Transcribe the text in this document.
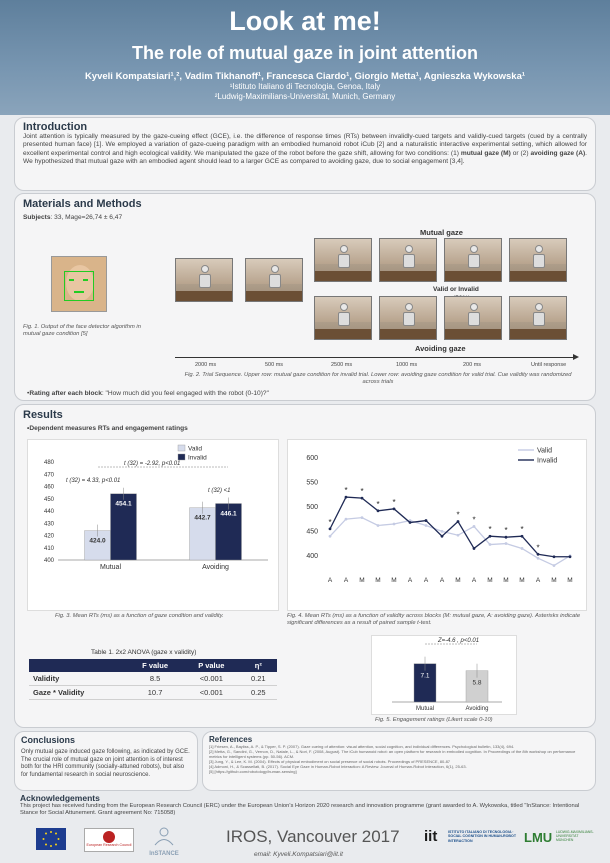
Look at me!
The role of mutual gaze in joint attention
Kyveli Kompatsiari¹,², Vadim Tikhanoff¹, Francesca Ciardo¹, Giorgio Metta¹, Agnieszka Wykowska¹
¹Istituto Italiano di Tecnologia, Genoa, Italy
²Ludwig-Maximilians-Universität, Munich, Germany
Introduction
Joint attention is typically measured by the gaze-cueing effect (GCE), i.e. the difference of response times (RTs) between invalidly-cued targets and validly-cued targets (cued by a centrally presented human face) [1]. We employed a variation of gaze-cueing paradigm with an embodied humanoid robot iCub [2] and a naturalistic interactive experimental setting, which allowed for excellent experimental control and high ecological validity. We manipulated the gaze of the robot before the gaze shift, allowing for two conditions: (1) mutual gaze (M) or (2) avoiding gaze (A). We hypothesized that mutual gaze with an embodied agent should lead to a larger GCE as compared to avoiding gaze, due to social engagement [3,4].
Materials and Methods
Subjects: 33, Mage=26,74 ± 6,47
Fig. 1. Output of the face detector algorithm in mutual gaze condition [5]
Mutual gaze
Valid or Invalid
Avoiding gaze
2000 ms	500 ms	2500 ms	1000 ms	200 ms	Until response
Fig. 2. Trial Sequence. Upper row: mutual gaze condition for invalid trial. Lower row: avoiding gaze condition for valid trial. Cue validity was randomized across trials
•Rating after each block: "How much did you feel engaged with the robot (0-10)?"
Results
•Dependent measures RTs and engagement ratings
400
410
420
430
440
450
460
470
480
424.0
454.1
Mutual
442.7
446.1
Avoiding
Valid
Invalid
t (32) = -2.92, p<0.01
t (32) = 4.33, p<0.01
t (32) <1
Fig. 3. Mean RTs (ms) as a function of gaze condition and validity.
400
450
500
550
600
*
* *
* *
*
*
* * *
*
A A M M M A A A M A M M M A M M
Valid
Invalid
Fig. 4. Mean RTs (ms) as a function of validity across blocks (M: mutual gaze, A: avoiding gaze). Asterisks indicate significant differences as a result of paired sample t-test.
Table 1. 2x2 ANOVA (gaze x validity)
	F value	P value	η²
Validity	8.5	<0.001	0.21
Gaze * Validity	10.7	<0.001	0.25
7.1
Mutual
5.8
Avoiding
Z=-4.6 , p<0.01
Fig. 5. Engagement ratings (Likert scale 0-10)
Conclusions
Only mutual gaze induced gaze following, as indicated by GCE.
The crucial role of mutual gaze on joint attention is of interest both for the HRI community (socially-attuned robots), but also for fundamental research in social neuroscience.
References
[1] Friesen, A., Bayliss, A. P., & Tipper, S. P. (2007). Gaze cueing of attention: visual attention, social cognition, and individual differences. Psychological bulletin, 133(4), 694.
[2] Metta, G., Sandini, G., Vernon, D., Natale, L., & Nori, F. (2008, August). The iCub humanoid robot: an open platform for research in embodied cognition. In Proceedings of the 8th workshop on performance metrics for intelligent systems (pp. 50-56). ACM.
[3] Jung, Y., & Lee, K. M. (2004). Effects of physical embodiment on social presence of social robots. Proceedings of PRESENCE, 80-87
[4] Admoni, H., & Scassellati, B. (2017). Social Eye Gaze in Human-Robot Interaction: A Review. Journal of Human-Robot Interaction, 6(1), 25-63.
[5] [https://github.com/robotology/human-sensing]
Acknowledgements
This project has received funding from the European Research Council (ERC) under the European Union's Horizon 2020 research and innovation programme (grant awarded to A. Wykowska, titled "InStance: Intentional Stance for Social Attunement. Grant agreement No: 715058)
European Research Council
InSTANCE
IROS, Vancouver 2017
email: Kyveli.Kompatsiari@iit.it
iit	ISTITUTO ITALIANO DI TECNOLOGIA · SOCIAL COGNITION IN HUMAN-ROBOT INTERACTION	LMU LUDWIG-MAXIMILIANS-UNIVERSITÄT MÜNCHEN
